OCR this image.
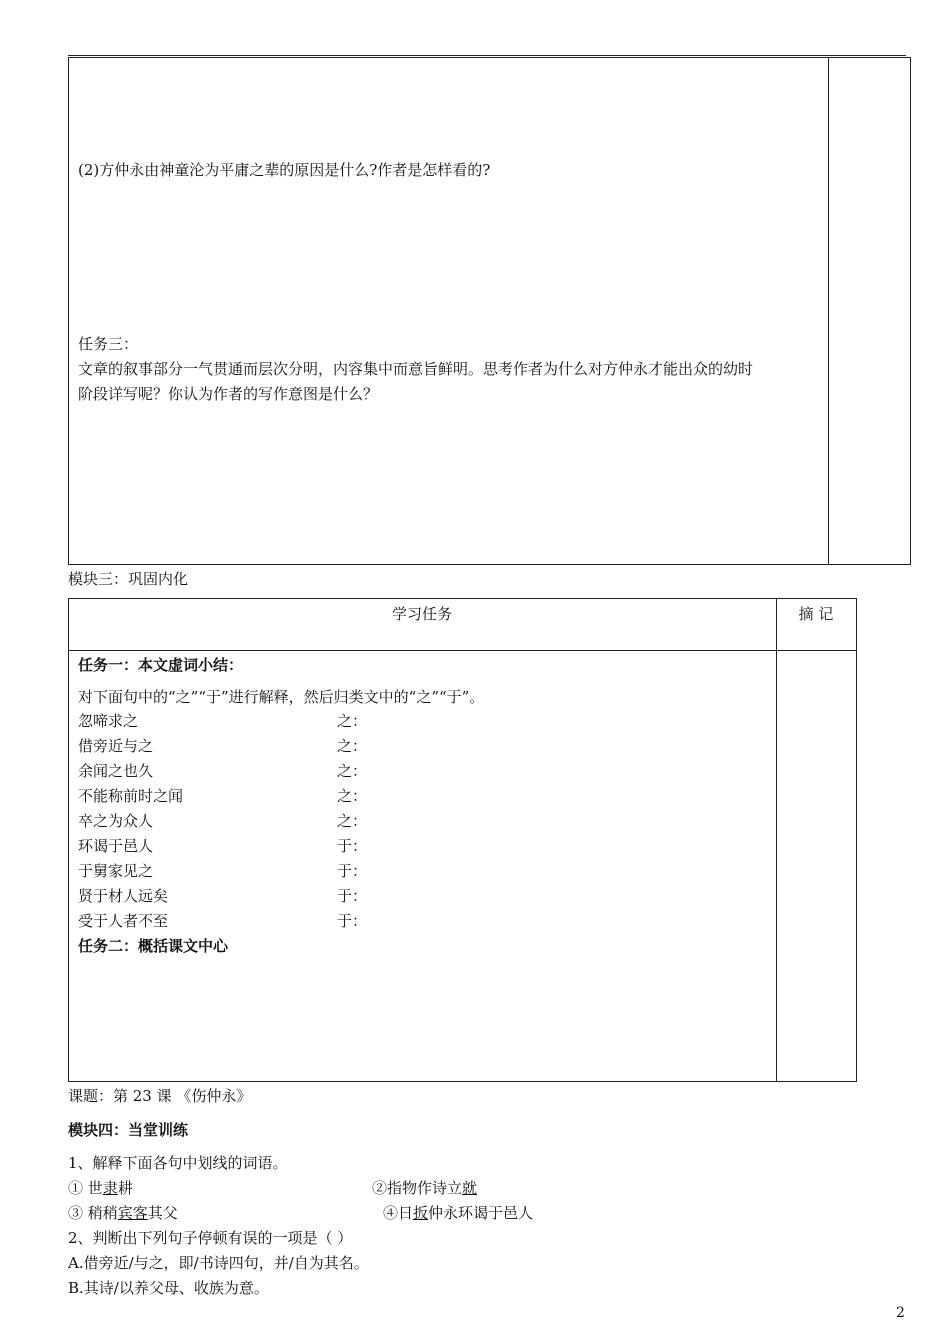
(2)方仲永由神童沦为平庸之辈的原因是什么?作者是怎样看的?
任务三：
文章的叙事部分一气贯通而层次分明，内容集中而意旨鲜明。思考作者为什么对方仲永才能出众的幼时
阶段详写呢？你认为作者的写作意图是什么？
模块三：巩固内化
学习任务	摘 记
任务一：本文虚词小结：
对下面句中的“之”“于”进行解释，然后归类文中的“之”“于”。
忽啼求之	之：
借旁近与之	之：
余闻之也久	之：
不能称前时之闻	之：
卒之为众人	之：
环谒于邑人	于：
于舅家见之	于：
贤于材人远矣	于：
受于人者不至	于：
任务二：概括课文中心
课题：第 23 课 《伤仲永》
模块四：当堂训练
1、解释下面各句中划线的词语。
① 世隶耕	②指物作诗立就
③ 稍稍宾客其父	④日扳仲永环谒于邑人
2、判断出下列句子停顿有误的一项是（ ）
A.借旁近/与之，即/书诗四句，并/自为其名。
B.其诗/以养父母、收族为意。
2
